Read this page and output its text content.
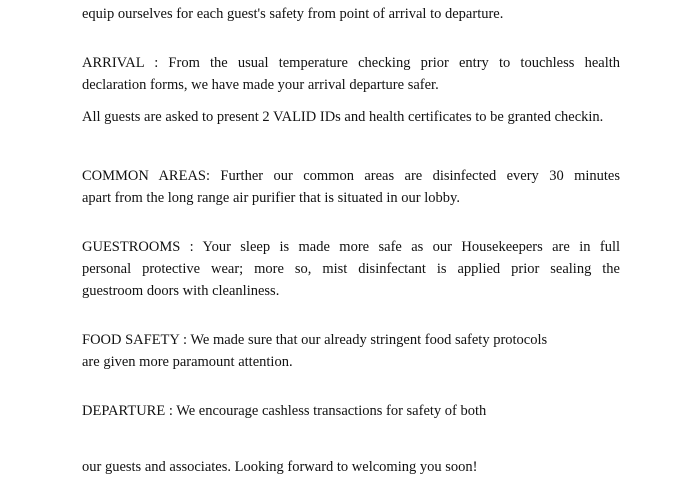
equip ourselves for each guest's safety from point of arrival to departure.
ARRIVAL : From the usual temperature checking prior entry to touchless health
declaration forms, we have made your arrival departure safer.
All guests are asked to present 2 VALID IDs and health certificates to be granted checkin.
COMMON AREAS: Further our common areas are disinfected every 30 minutes
apart from the long range air purifier that is situated in our lobby.
GUESTROOMS : Your sleep is made more safe as our Housekeepers are in full
personal protective wear; more so, mist disinfectant is applied prior sealing the
guestroom doors with cleanliness.
FOOD SAFETY : We made sure that our already stringent food safety protocols
are given more paramount attention.
DEPARTURE : We encourage cashless transactions for safety of both
our guests and associates. Looking forward to welcoming you soon!
